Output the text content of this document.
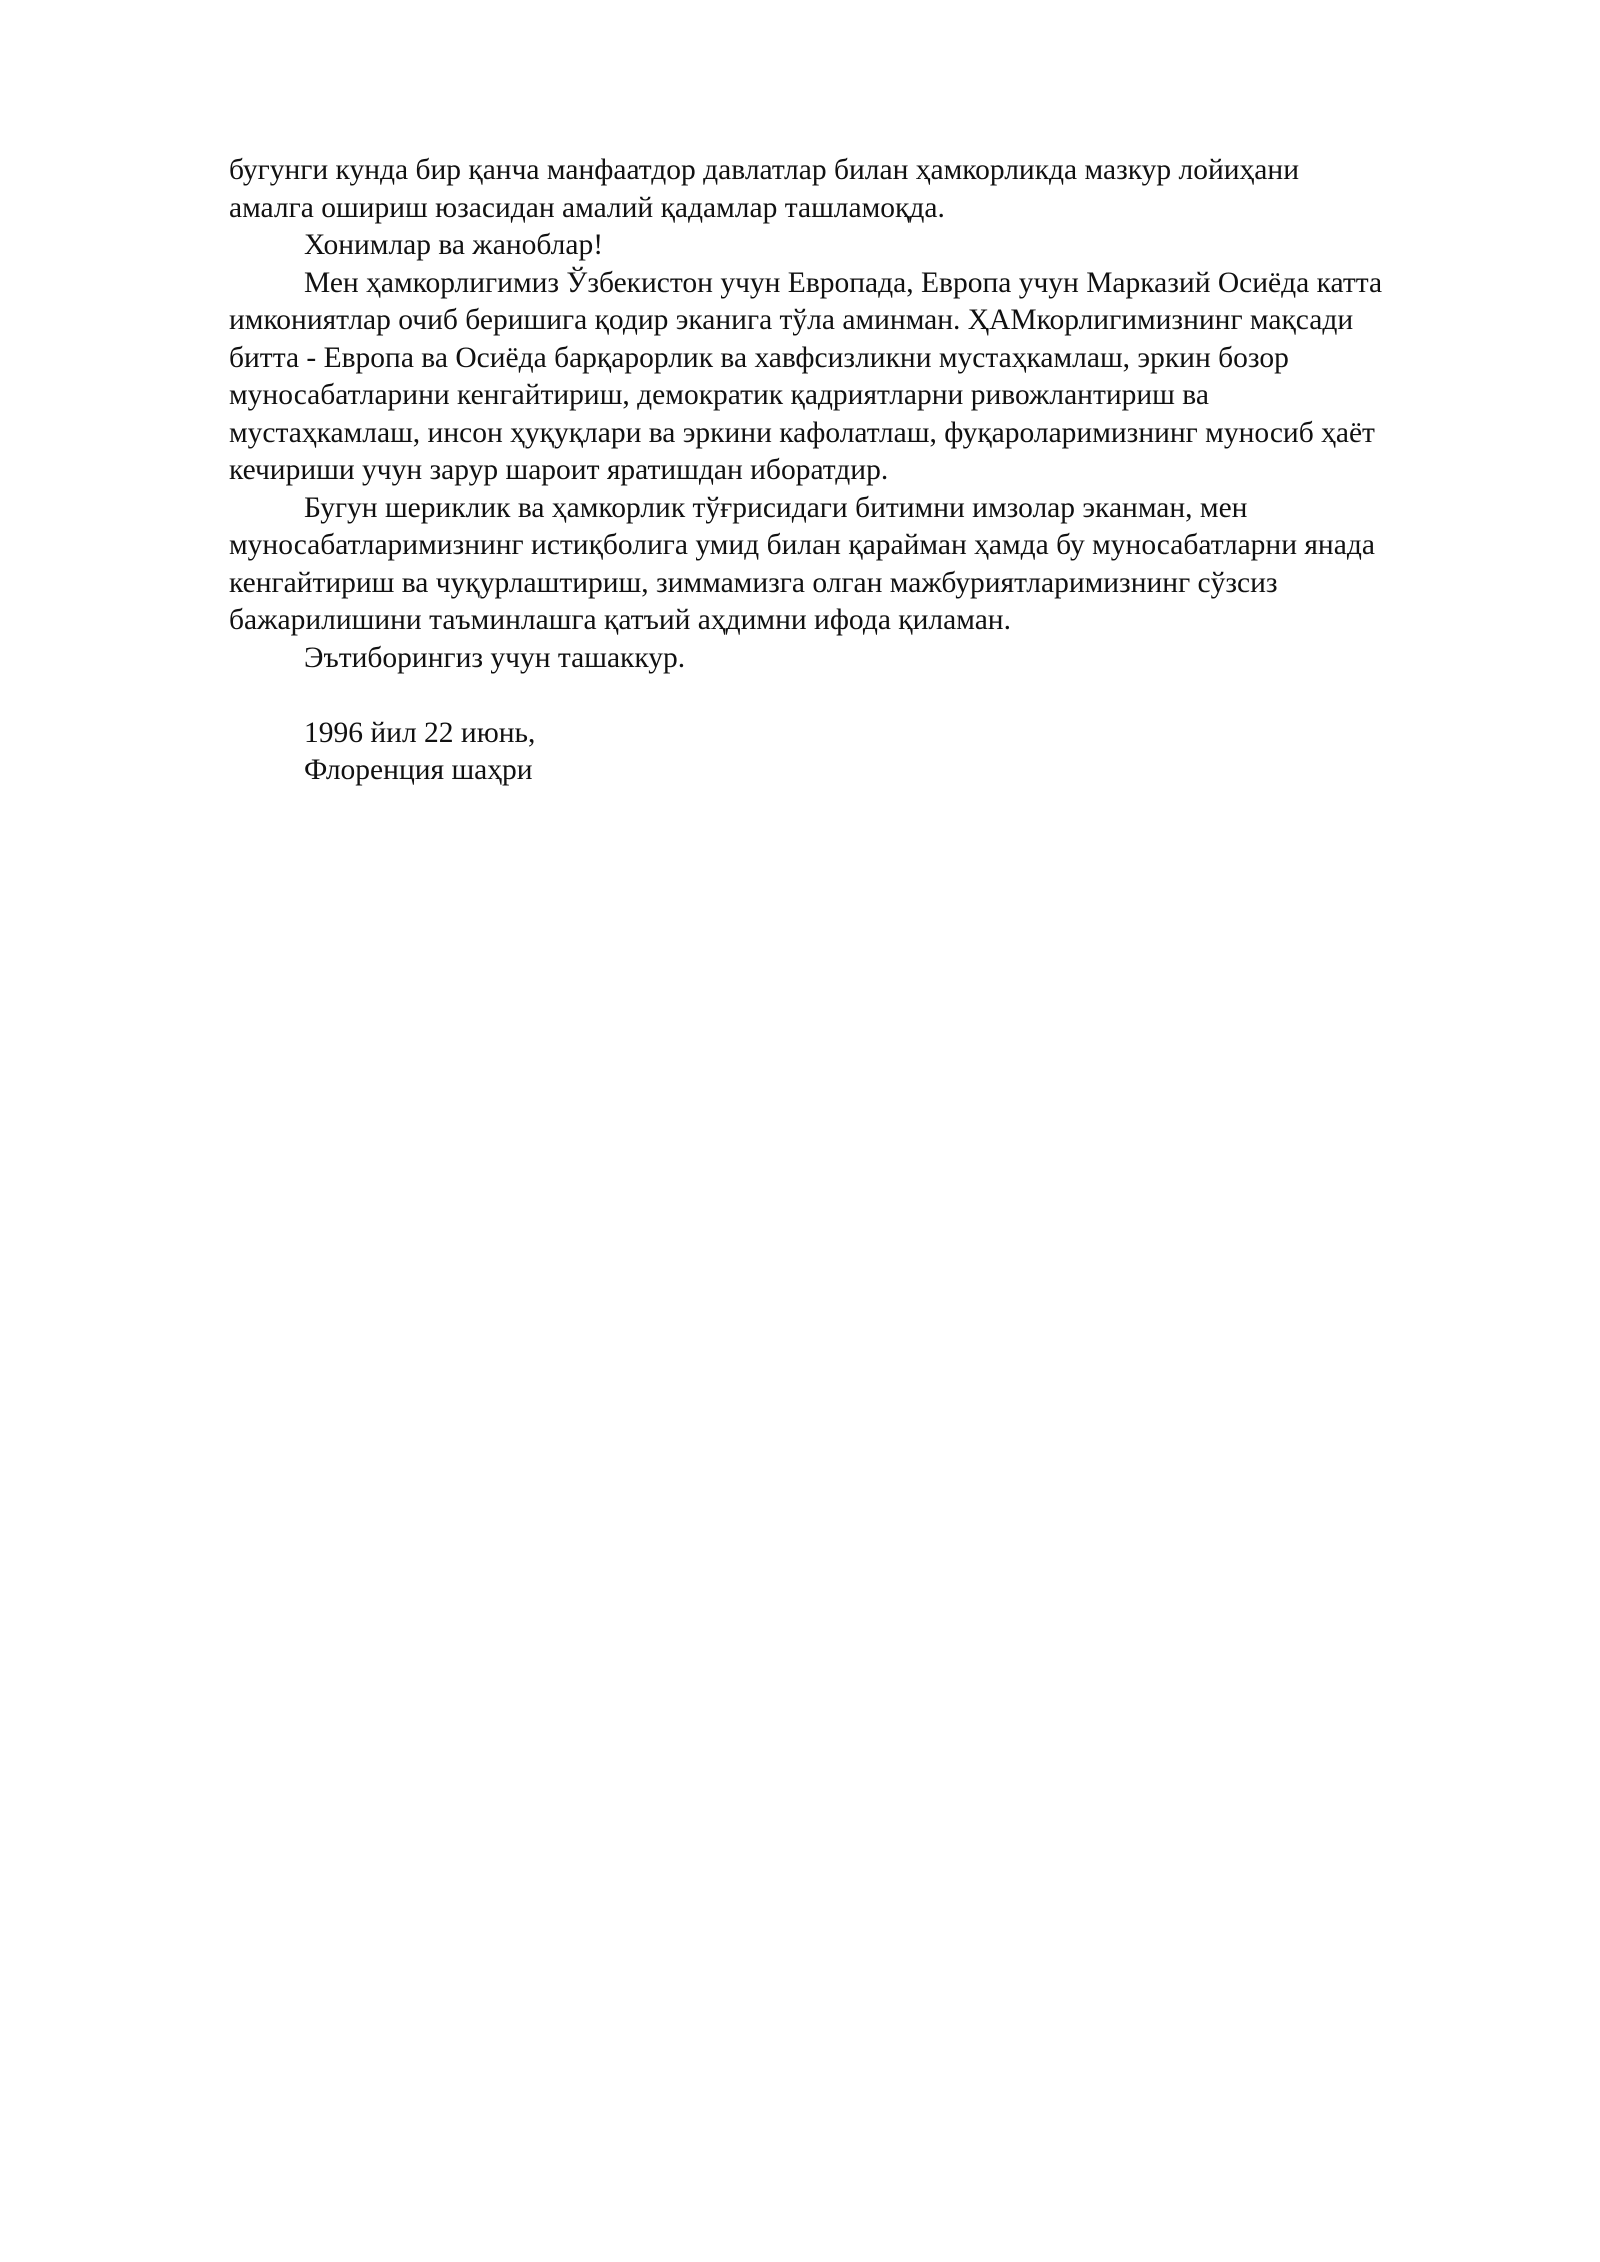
бугунги кунда бир қанча манфаатдор давлатлар билан ҳамкорликда мазкур лойиҳани
амалга ошириш юзасидан амалий қадамлар ташламоқда.
Хонимлар ва жаноблар!
Мен ҳамкорлигимиз Ўзбекистон учун Европада, Европа учун Марказий Осиёда катта
имкониятлар очиб беришига қодир эканига тўла аминман. ҲАМкорлигимизнинг мақсади
битта - Европа ва Осиёда барқарорлик ва хавфсизликни мустаҳкамлаш, эркин бозор
муносабатларини кенгайтириш, демократик қадриятларни ривожлантириш ва
мустаҳкамлаш, инсон ҳуқуқлари ва эркини кафолатлаш, фуқароларимизнинг муносиб ҳаёт
кечириши учун зарур шароит яратишдан иборатдир.
Бугун шериклик ва ҳамкорлик тўғрисидаги битимни имзолар эканман, мен
муносабатларимизнинг истиқболига умид билан қарайман ҳамда бу муносабатларни янада
кенгайтириш ва чуқурлаштириш, зиммамизга олган мажбуриятларимизнинг сўзсиз
бажарилишини таъминлашга қатъий аҳдимни ифода қиламан.
Эътиборингиз учун ташаккур.
1996 йил 22 июнь,
Флоренция шаҳри
